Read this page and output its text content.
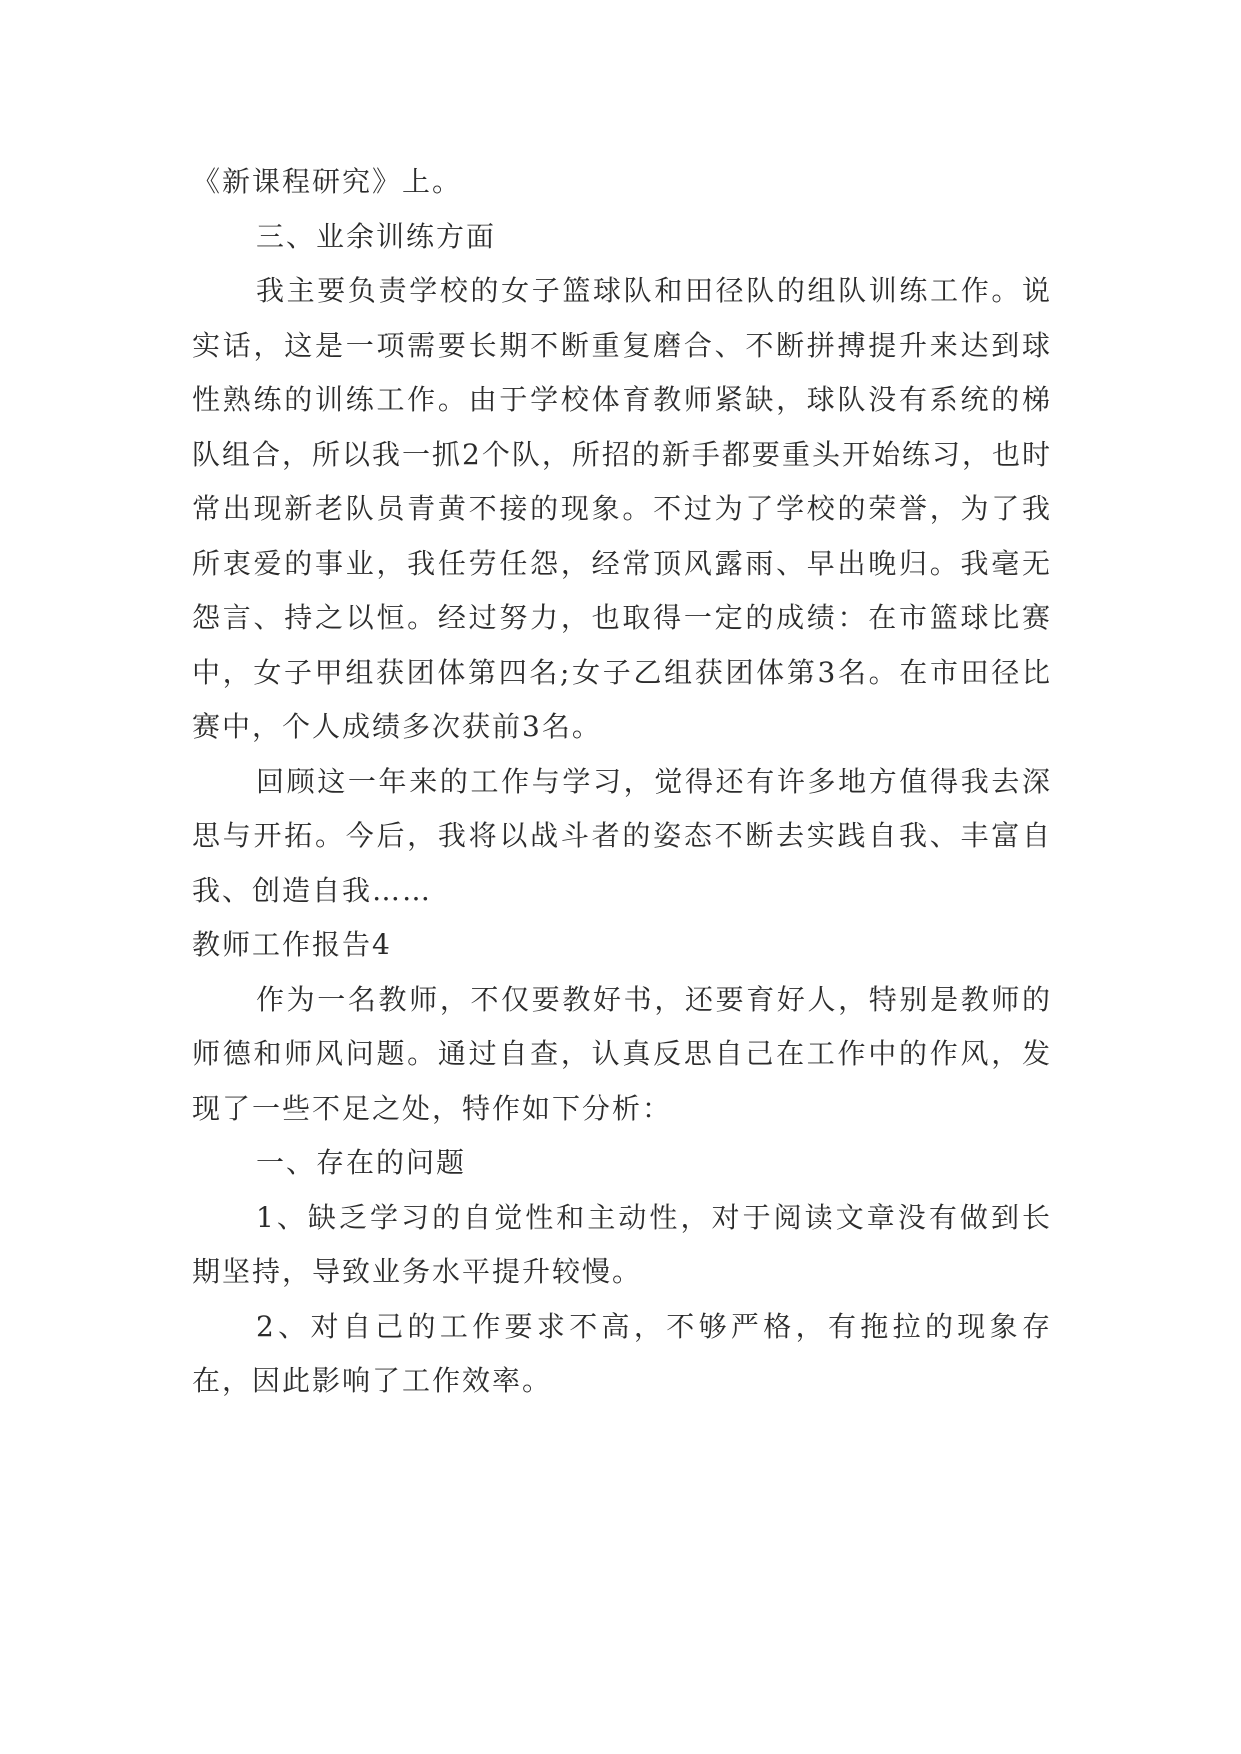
《新课程研究》上。

三、业余训练方面

我主要负责学校的女子篮球队和田径队的组队训练工作。说实话，这是一项需要长期不断重复磨合、不断拼搏提升来达到球性熟练的训练工作。由于学校体育教师紧缺，球队没有系统的梯队组合，所以我一抓2个队，所招的新手都要重头开始练习，也时常出现新老队员青黄不接的现象。不过为了学校的荣誉，为了我所衷爱的事业，我任劳任怨，经常顶风露雨、早出晚归。我毫无怨言、持之以恒。经过努力，也取得一定的成绩：在市篮球比赛中，女子甲组获团体第四名;女子乙组获团体第3名。在市田径比赛中，个人成绩多次获前3名。

回顾这一年来的工作与学习，觉得还有许多地方值得我去深思与开拓。今后，我将以战斗者的姿态不断去实践自我、丰富自我、创造自我……

教师工作报告4

作为一名教师，不仅要教好书，还要育好人，特别是教师的师德和师风问题。通过自查，认真反思自己在工作中的作风，发现了一些不足之处，特作如下分析：

一、存在的问题

1、缺乏学习的自觉性和主动性，对于阅读文章没有做到长期坚持，导致业务水平提升较慢。

2、对自己的工作要求不高，不够严格，有拖拉的现象存在，因此影响了工作效率。
